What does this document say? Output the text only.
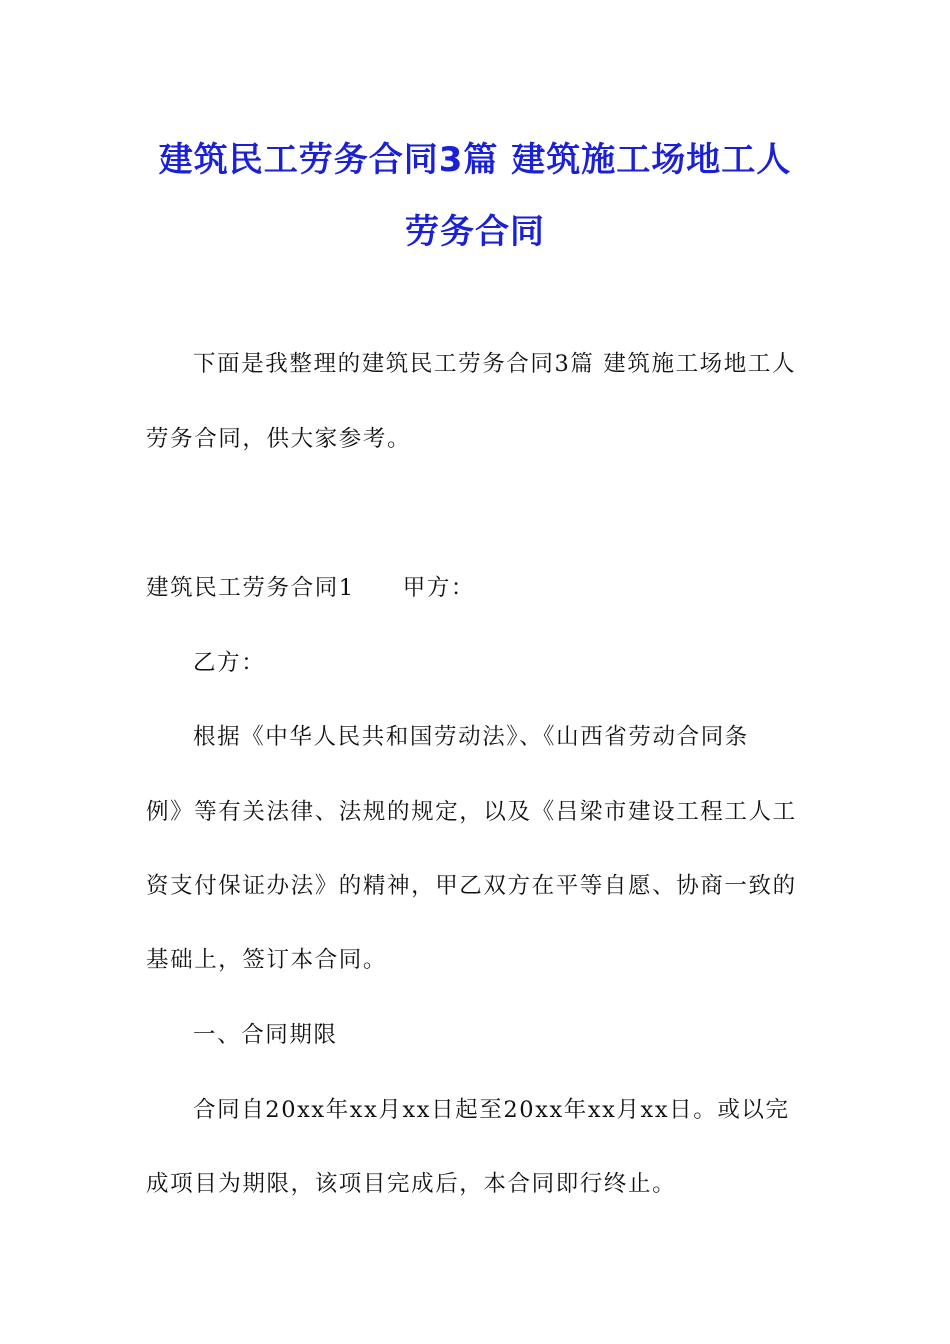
建筑民工劳务合同3篇 建筑施工场地工人
劳务合同

下面是我整理的建筑民工劳务合同3篇 建筑施工场地工人

劳务合同，供大家参考。

建筑民工劳务合同1 甲方：

乙方：

根据《中华人民共和国劳动法》、《山西省劳动合同条

例》等有关法律、法规的规定，以及《吕梁市建设工程工人工

资支付保证办法》的精神，甲乙双方在平等自愿、协商一致的

基础上，签订本合同。

一、合同期限

合同自20xx年xx月xx日起至20xx年xx月xx日。或以完

成项目为期限，该项目完成后，本合同即行终止。
